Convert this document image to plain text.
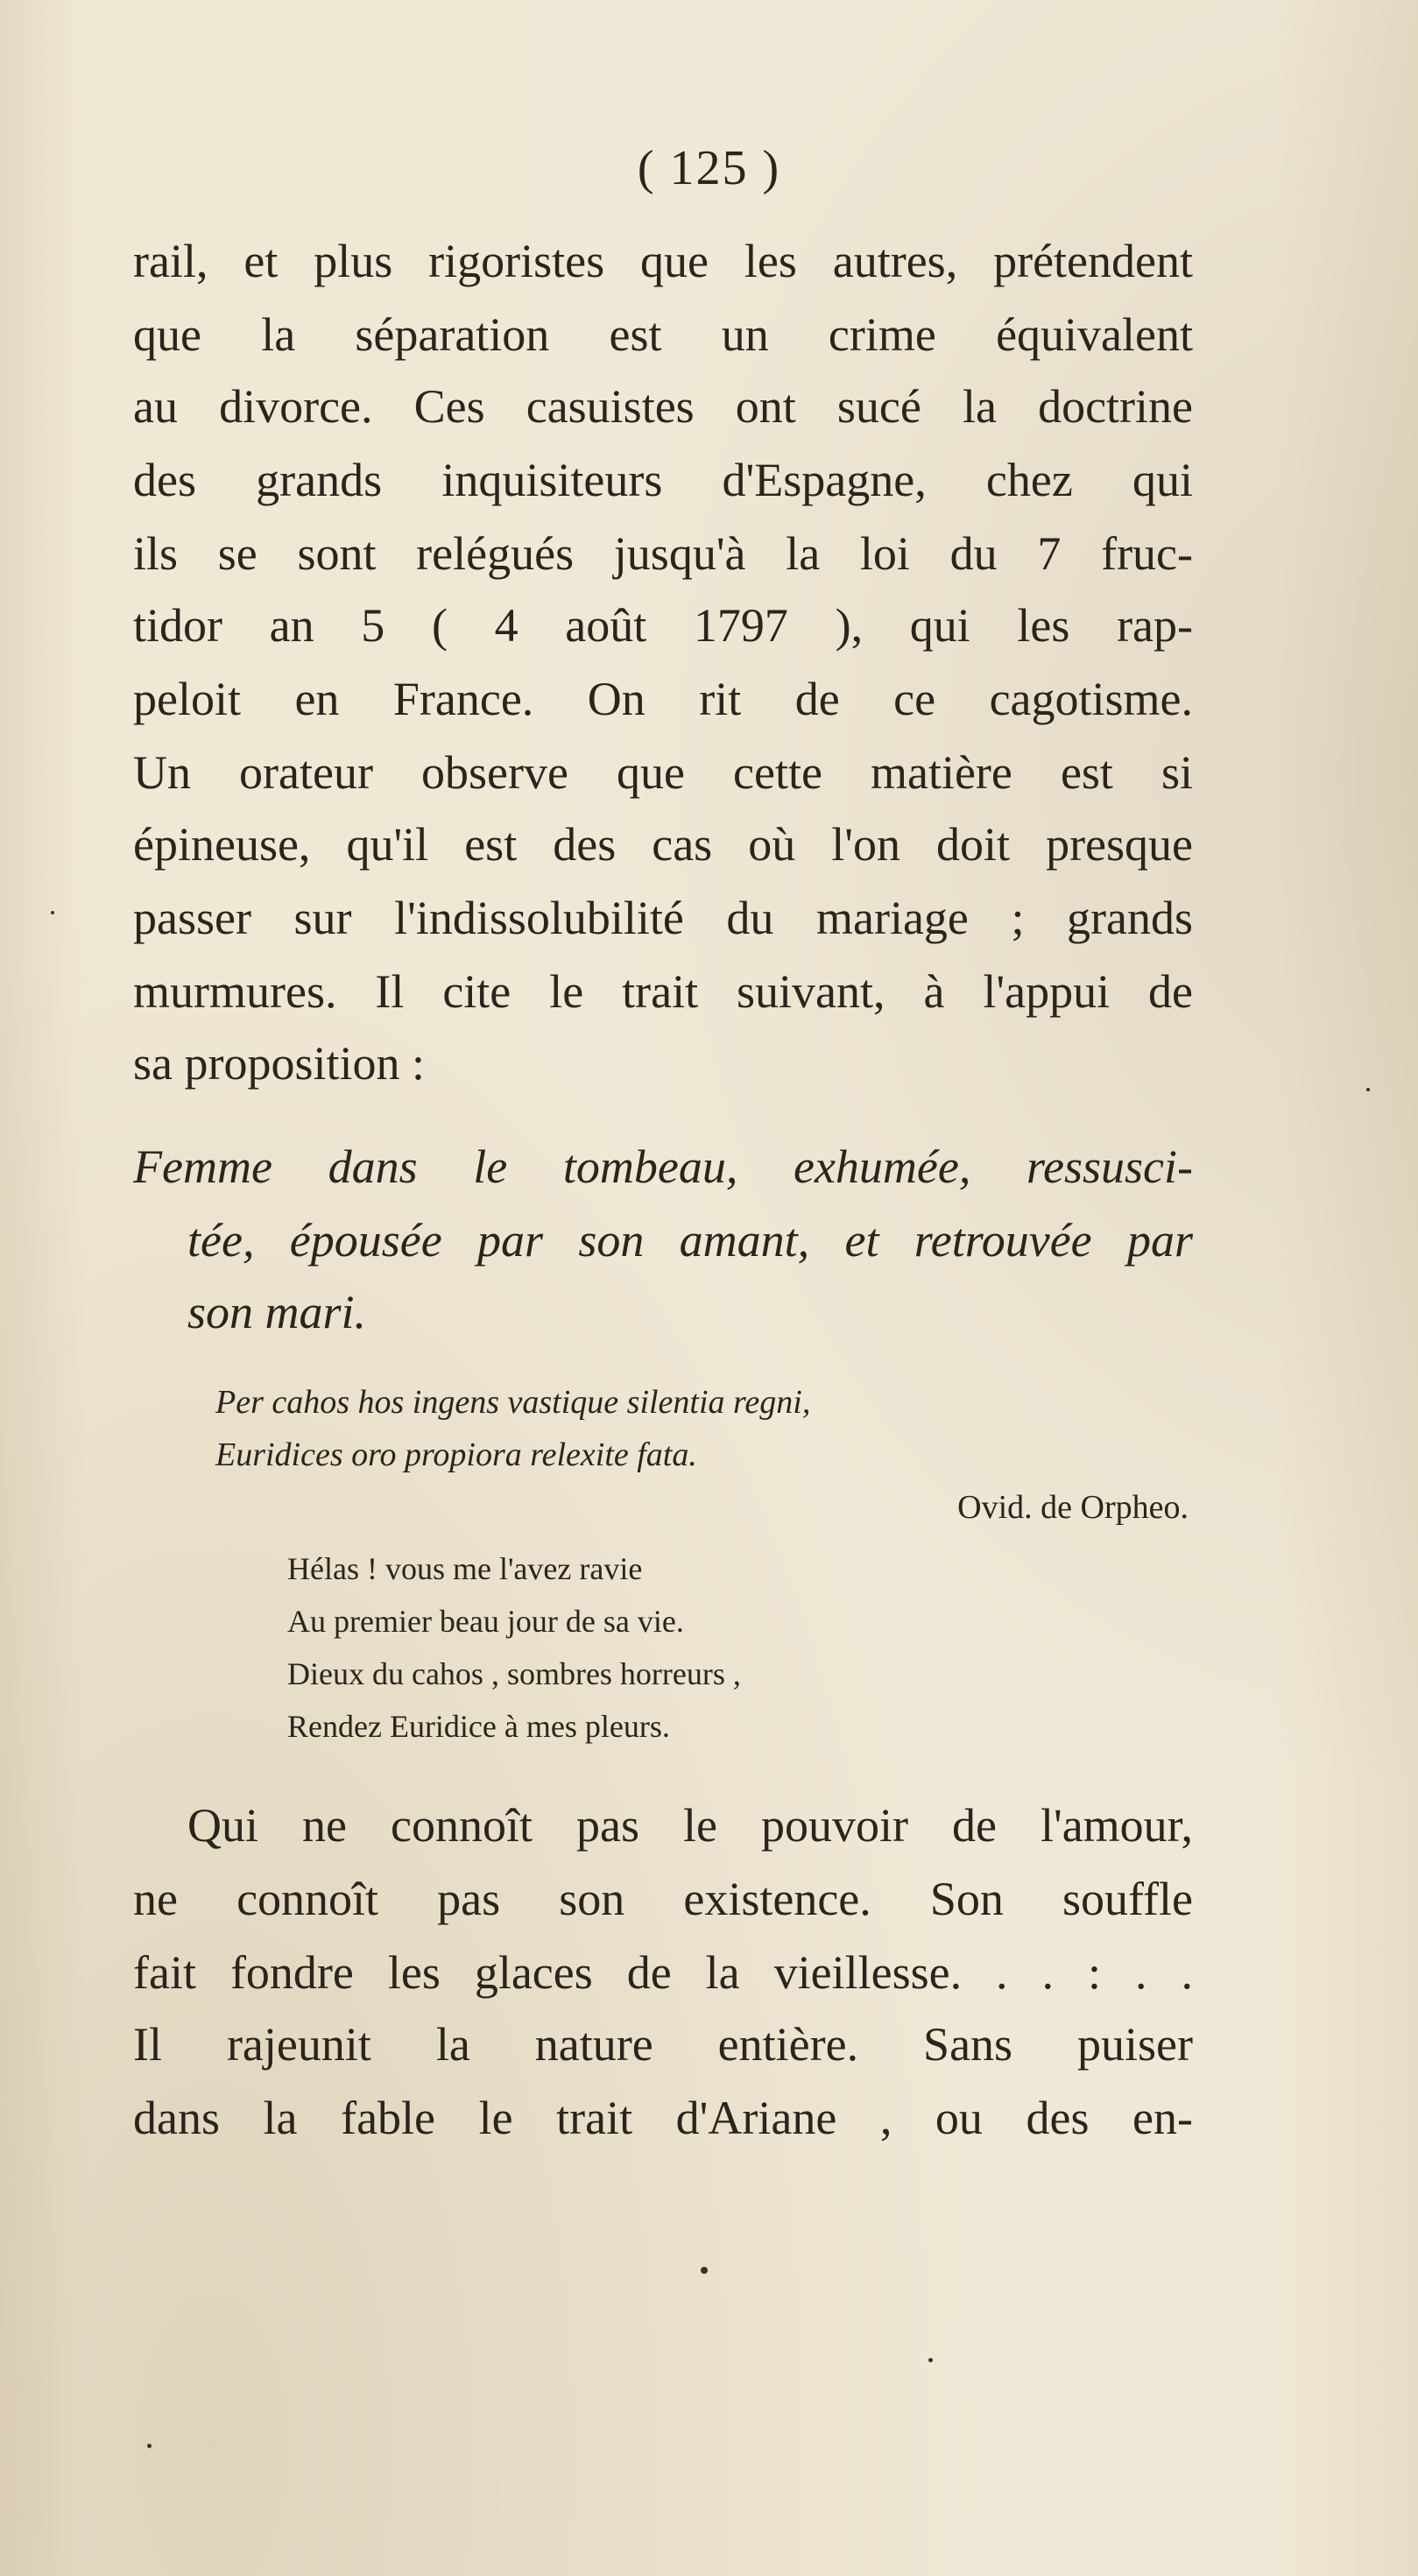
( 125 )
rail, et plus rigoristes que les autres, prétendent
que la séparation est un crime équivalent
au divorce. Ces casuistes ont sucé la doctrine
des grands inquisiteurs d'Espagne, chez qui
ils se sont relégués jusqu'à la loi du 7 fruc-
tidor an 5 ( 4 août 1797 ), qui les rap-
peloit en France. On rit de ce cagotisme.
Un orateur observe que cette matière est si
épineuse, qu'il est des cas où l'on doit presque
passer sur l'indissolubilité du mariage ; grands
murmures. Il cite le trait suivant, à l'appui de
sa proposition :
Femme dans le tombeau, exhumée, ressusci-
tée, épousée par son amant, et retrouvée par
son mari.
Per cahos hos ingens vastique silentia regni,
Euridices oro propiora relexite fata.
Ovid. de Orpheo.
Hélas ! vous me l'avez ravie
Au premier beau jour de sa vie.
Dieux du cahos , sombres horreurs ,
Rendez Euridice à mes pleurs.
Qui ne connoît pas le pouvoir de l'amour,
ne connoît pas son existence. Son souffle
fait fondre les glaces de la vieillesse. . . : . .
Il rajeunit la nature entière. Sans puiser
dans la fable le trait d'Ariane , ou des en-
